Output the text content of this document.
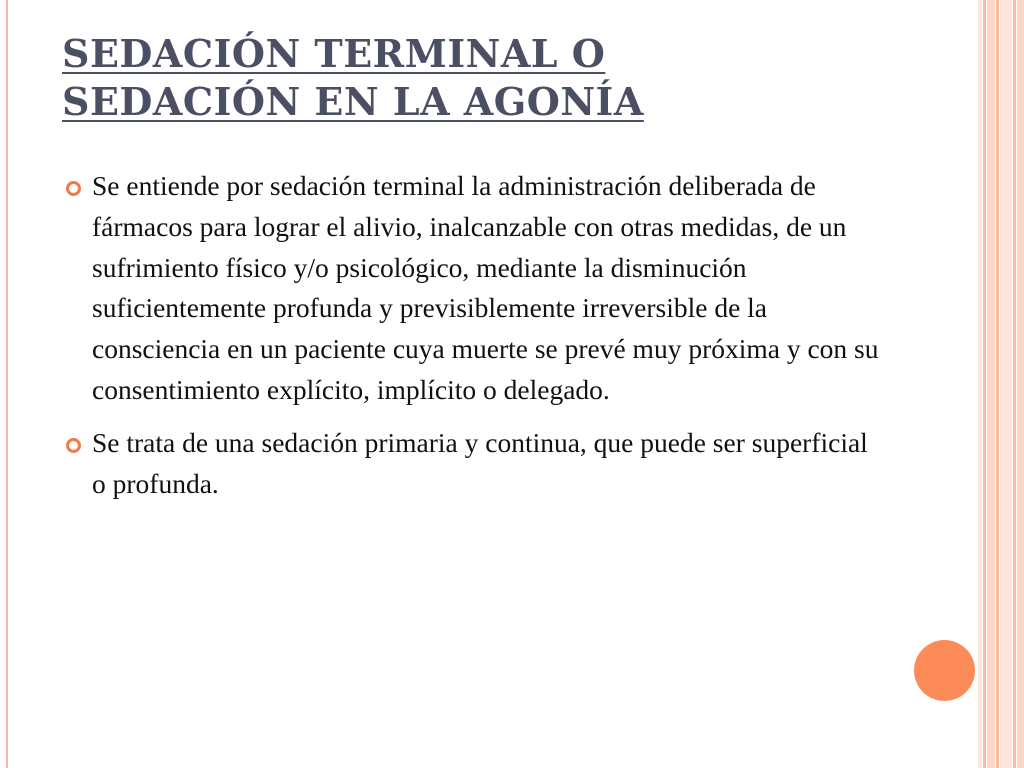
SEDACIÓN TERMINAL O
SEDACIÓN EN LA AGONÍA
Se entiende por sedación terminal la administración deliberada de fármacos para lograr el alivio, inalcanzable con otras medidas, de un sufrimiento físico y/o psicológico, mediante la disminución suficientemente profunda y previsiblemente irreversible de la consciencia en un paciente cuya muerte se prevé muy próxima y con su consentimiento explícito, implícito o delegado.
Se trata de una sedación primaria y continua, que puede ser superficial o profunda.
